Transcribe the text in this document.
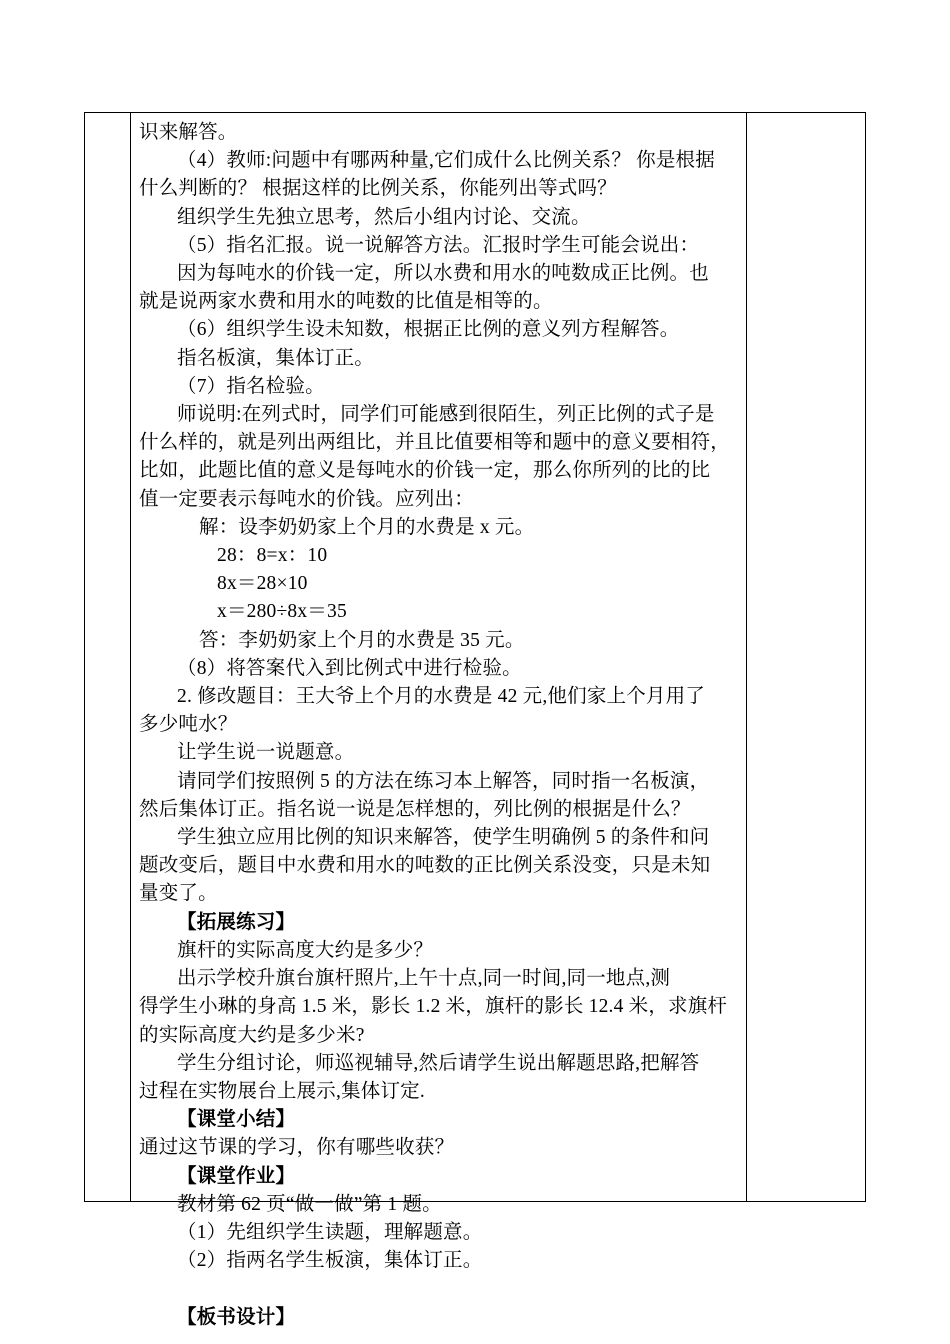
识来解答。
（4）教师:问题中有哪两种量,它们成什么比例关系？ 你是根据
什么判断的？ 根据这样的比例关系，你能列出等式吗？
组织学生先独立思考，然后小组内讨论、交流。
（5）指名汇报。说一说解答方法。汇报时学生可能会说出：
因为每吨水的价钱一定，所以水费和用水的吨数成正比例。也
就是说两家水费和用水的吨数的比值是相等的。
（6）组织学生设未知数，根据正比例的意义列方程解答。
指名板演，集体订正。
（7）指名检验。
师说明:在列式时，同学们可能感到很陌生，列正比例的式子是
什么样的，就是列出两组比，并且比值要相等和题中的意义要相符，
比如，此题比值的意义是每吨水的价钱一定，那么你所列的比的比
值一定要表示每吨水的价钱。应列出：
解：设李奶奶家上个月的水费是 x 元。
28：8=x：10
8x＝28×10
x＝280÷8x＝35
答：李奶奶家上个月的水费是 35 元。
（8）将答案代入到比例式中进行检验。
2. 修改题目：王大爷上个月的水费是 42 元,他们家上个月用了
多少吨水？
让学生说一说题意。
请同学们按照例 5 的方法在练习本上解答，同时指一名板演，
然后集体订正。指名说一说是怎样想的，列比例的根据是什么？
学生独立应用比例的知识来解答，使学生明确例 5 的条件和问
题改变后，题目中水费和用水的吨数的正比例关系没变，只是未知
量变了。
【拓展练习】
旗杆的实际高度大约是多少？
出示学校升旗台旗杆照片,上午十点,同一时间,同一地点,测
得学生小琳的身高 1.5 米，影长 1.2 米，旗杆的影长 12.4 米，求旗杆
的实际高度大约是多少米?
学生分组讨论，师巡视辅导,然后请学生说出解题思路,把解答
过程在实物展台上展示,集体订定.
【课堂小结】
通过这节课的学习，你有哪些收获？
【课堂作业】
教材第 62 页“做一做”第 1 题。
（1）先组织学生读题，理解题意。
（2）指两名学生板演，集体订正。

【板书设计】
